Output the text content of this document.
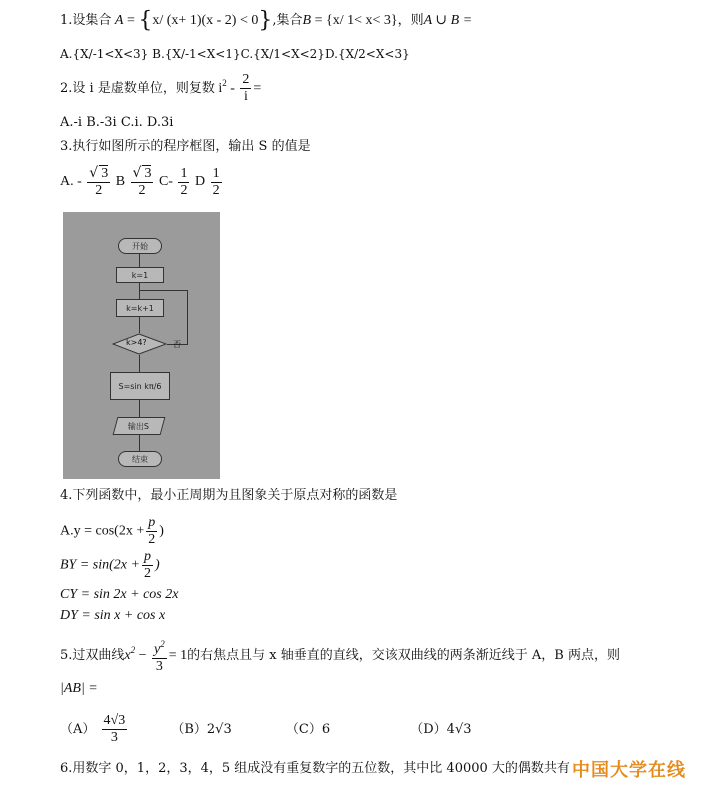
1.设集合 A = {x/ (x+ 1)(x - 2) < 0},集合B = {x/ 1< x< 3}，则A ∪ B =
A.{X/-1<X<3} B.{X/-1<X<1}C.{X/1<X<2}D.{X/2<X<3}
2.设 i 是虚数单位，则复数 $i^2 - \frac{2}{i}$ =
A.-i B.-3i C.i. D.3i
3.执行如图所示的程序框图，输出 S 的值是
A. - $\frac{√ 3}{2}$ B $\frac{√ 3}{2} C- \frac{1}{2}$ D $\frac{1}{2}$
开始
k=1
k=k+1
k>4?	否
S=sin kπ/6
输出S
结束
4.下列函数中，最小正周期为且图象关于原点对称的函数是
$A.y = \cos(2x + \frac{p}{2}$ )
BY = $\sin(2x + \frac{p}{2}$ )
CY = sin 2x + cos 2x
DY = sin x + cos x
5.过双曲线$x^2 - \frac{y^2}{3} = 1$的右焦点且与 x 轴垂直的直线，交该双曲线的两条渐近线于 A，B 两点，则
|AB| =
$(A) \frac{4√3}{3}$	（B）2√3	（C）6	（D）4√3
6.用数字 0，1，2，3，4，5 组成没有重复数字的五位数，其中比 40000 大的偶数共有 中国大学在线
